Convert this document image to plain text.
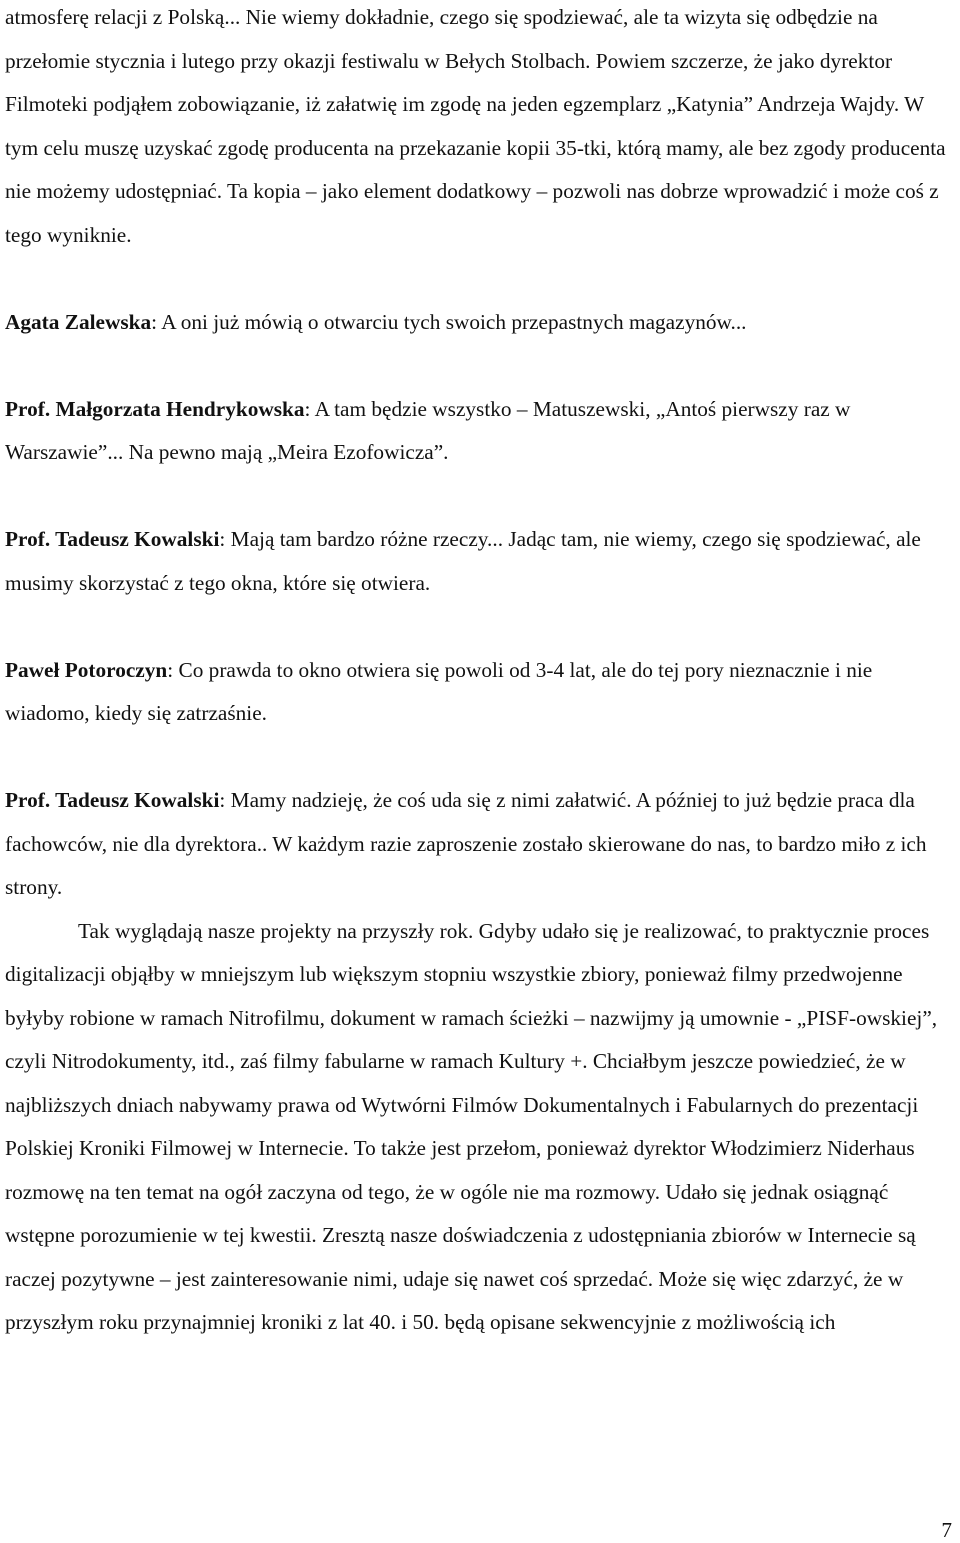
atmosferę relacji z Polską... Nie wiemy dokładnie, czego się spodziewać, ale ta wizyta się odbędzie na przełomie stycznia i lutego przy okazji festiwalu w Bełych Stolbach. Powiem szczerze, że jako dyrektor Filmoteki podjąłem zobowiązanie, iż załatwię im zgodę na jeden egzemplarz „Katynia” Andrzeja Wajdy. W tym celu muszę uzyskać zgodę producenta na przekazanie kopii 35-tki, którą mamy, ale bez zgody producenta nie możemy udostępniać. Ta kopia – jako element dodatkowy – pozwoli nas dobrze wprowadzić i może coś z tego wyniknie.

Agata Zalewska: A oni już mówią o otwarciu tych swoich przepastnych magazynów...

Prof. Małgorzata Hendrykowska: A tam będzie wszystko – Matuszewski, „Antoś pierwszy raz w Warszawie”... Na pewno mają „Meira Ezofowicza”.

Prof. Tadeusz Kowalski: Mają tam bardzo różne rzeczy... Jadąc tam, nie wiemy, czego się spodziewać, ale musimy skorzystać z tego okna, które się otwiera.

Paweł Potoroczyn: Co prawda to okno otwiera się powoli od 3-4 lat, ale do tej pory nieznacznie i nie wiadomo, kiedy się zatrzaśnie.

Prof. Tadeusz Kowalski: Mamy nadzieję, że coś uda się z nimi załatwić. A później to już będzie praca dla fachowców, nie dla dyrektora.. W każdym razie zaproszenie zostało skierowane do nas, to bardzo miło z ich strony.

Tak wyglądają nasze projekty na przyszły rok. Gdyby udało się je realizować, to praktycznie proces digitalizacji objąłby w mniejszym lub większym stopniu wszystkie zbiory, ponieważ filmy przedwojenne byłyby robione w ramach Nitrofilmu, dokument w ramach ścieżki – nazwijmy ją umownie - „PISF-owskiej”, czyli Nitrodokumenty, itd., zaś filmy fabularne w ramach Kultury +. Chciałbym jeszcze powiedzieć, że w najbliższych dniach nabywamy prawa od Wytwórni Filmów Dokumentalnych i Fabularnych do prezentacji Polskiej Kroniki Filmowej w Internecie. To także jest przełom, ponieważ dyrektor Włodzimierz Niderhaus rozmowę na ten temat na ogół zaczyna od tego, że w ogóle nie ma rozmowy. Udało się jednak osiągnąć wstępne porozumienie w tej kwestii. Zresztą nasze doświadczenia z udostępniania zbiorów w Internecie są raczej pozytywne – jest zainteresowanie nimi, udaje się nawet coś sprzedać. Może się więc zdarzyć, że w przyszłym roku przynajmniej kroniki z lat 40. i 50. będą opisane sekwencyjnie z możliwością ich

7
